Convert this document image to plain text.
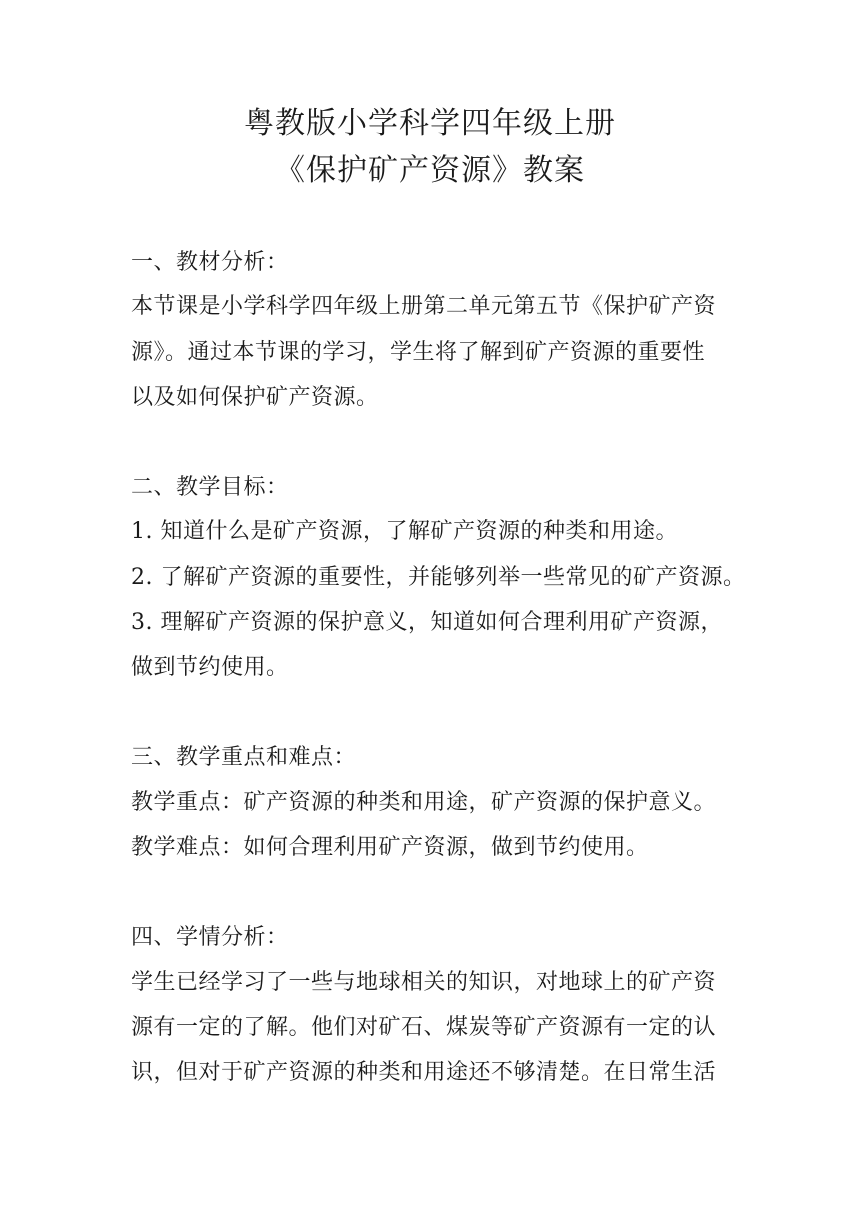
粤教版小学科学四年级上册
《保护矿产资源》教案
一、教材分析：
本节课是小学科学四年级上册第二单元第五节《保护矿产资
源》。通过本节课的学习，学生将了解到矿产资源的重要性
以及如何保护矿产资源。
二、教学目标：
1. 知道什么是矿产资源，了解矿产资源的种类和用途。
2. 了解矿产资源的重要性，并能够列举一些常见的矿产资源。
3. 理解矿产资源的保护意义，知道如何合理利用矿产资源，
做到节约使用。
三、教学重点和难点：
教学重点：矿产资源的种类和用途，矿产资源的保护意义。
教学难点：如何合理利用矿产资源，做到节约使用。
四、学情分析：
学生已经学习了一些与地球相关的知识，对地球上的矿产资
源有一定的了解。他们对矿石、煤炭等矿产资源有一定的认
识，但对于矿产资源的种类和用途还不够清楚。在日常生活
